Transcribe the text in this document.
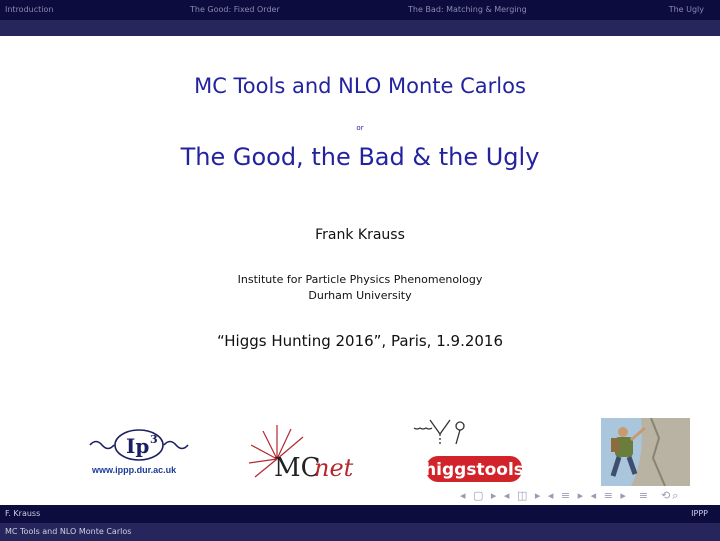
Introduction	The Good: Fixed Order	The Bad: Matching & Merging	The Ugly
MC Tools and NLO Monte Carlos
or
The Good, the Bad & the Ugly
Frank Krauss
Institute for Particle Physics Phenomenology
Durham University
“Higgs Hunting 2016”, Paris, 1.9.2016
Ip 3
www.ippp.dur.ac.uk	MC
net	higgstools
◂ ▢ ▸ ◂ ◫ ▸ ◂ ≡ ▸ ◂ ≡ ▸  ≡  ⟲⌕
F. Krauss	IPPP
MC Tools and NLO Monte Carlos
